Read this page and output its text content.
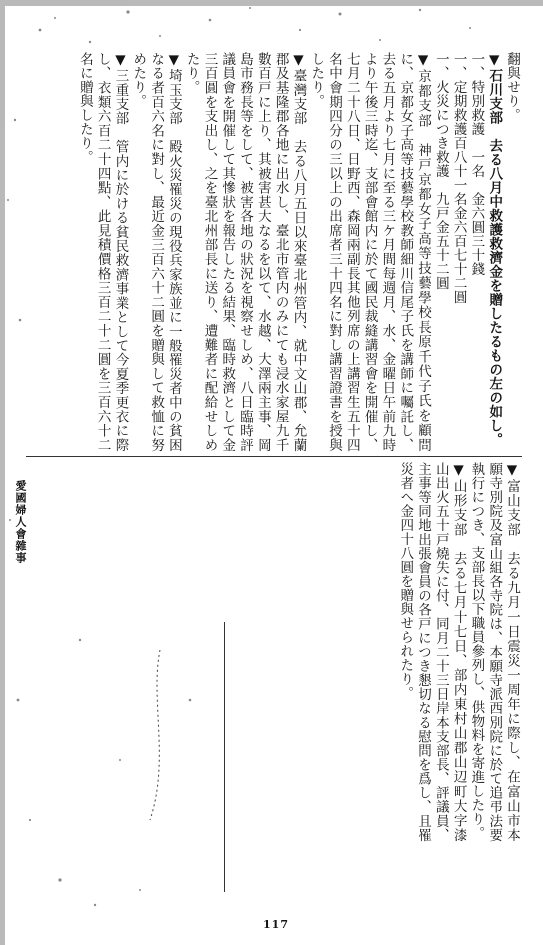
翻與せり。

▼石川支部　去る八月中救護救濟金を贈したるもの左の如し。

一、特別救護　一名　金六圓三十錢

一、定期救護百八十一名金六百七十二圓

一、火災につき救護　九戸金五十二圓

▼京都支部　神戸京都女子高等技藝學校長原千代子氏を顧問に、京都女子高等技藝學校教師細川信尾子氏を講師に囑託し、去る五月より七月に至る三ケ月間每週月、水、金曜日午前九時より午後三時迄、支部會館内に於て國民裁縫講習會を開催し、七月二十八日、日野西、森岡兩副長其他列席の上講習生五十四名中會期四分の三以上の出席者三十四名に對し講習證書を授與したり。

▼臺灣支部　去る八月五日以來臺北州管内、就中文山郡、允蘭郡及基隆郡各地に出水し、臺北市管内のみにても浸水家屋九千數百戸に上り、其被害甚大なるを以て、水越、大澤兩主事、岡島市務長等をして、被害各地の狀況を視察せしめ、八日臨時評議員會を開催して其慘狀を報告したる結果、臨時救濟として金三百圓を支出し、之を臺北州部長に送り、遭難者に配給せしめたり。

▼埼玉支部　殿火災罹災の現役兵家族並に一般罹災者中の貧困なる者百六名に對し、最近金三百六十二圓を贈與して救恤に努めたり。

▼三重支部　管内に於ける貧民救濟事業として今夏季更衣に際し、衣類六百二十四點、此見積價格三百二十二圓を三百六十二名に贈與したり。

▼富山支部　去る九月一日震災一周年に際し、在富山市本願寺別院及富山組各寺院は、本願寺派西別院に於て追弔法要執行につき、支部長以下職員參列し、供物料を寄進したり。

▼山形支部　去る七月十七日、部内東村山郡山辺町大字漆山出火五十戸燒失に付、同月二十三日岸本支部長、評議員、主事等同地出張會員の各戸につき懇切なる慰問を爲し、且罹災者へ金四十八圓を贈與せられたり。

愛國婦人會雜事
117
